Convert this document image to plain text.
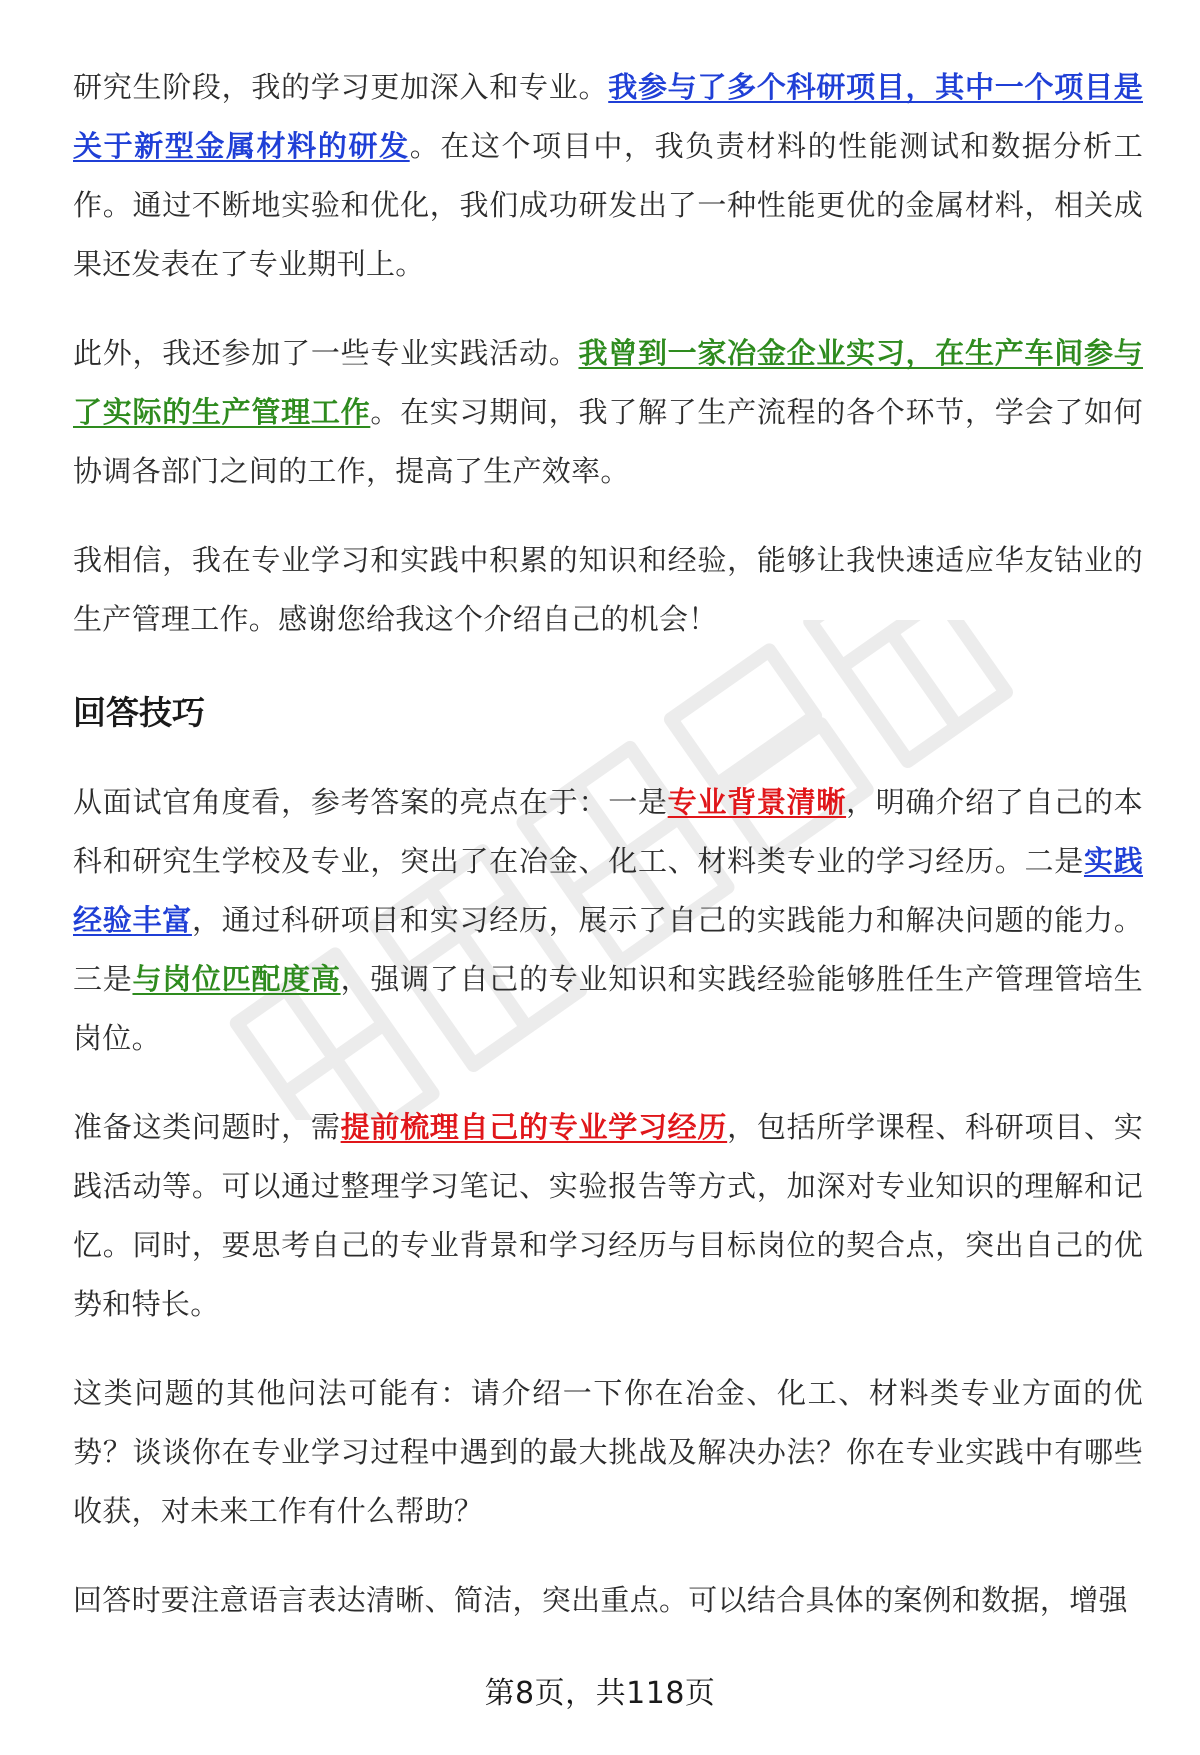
研究生阶段，我的学习更加深入和专业。我参与了多个科研项目，其中一个项目是关于新型金属材料的研发。在这个项目中，我负责材料的性能测试和数据分析工作。通过不断地实验和优化，我们成功研发出了一种性能更优的金属材料，相关成果还发表在了专业期刊上。

此外，我还参加了一些专业实践活动。我曾到一家冶金企业实习，在生产车间参与了实际的生产管理工作。在实习期间，我了解了生产流程的各个环节，学会了如何协调各部门之间的工作，提高了生产效率。

我相信，我在专业学习和实践中积累的知识和经验，能够让我快速适应华友钴业的生产管理工作。感谢您给我这个介绍自己的机会！

回答技巧

从面试官角度看，参考答案的亮点在于：一是专业背景清晰，明确介绍了自己的本科和研究生学校及专业，突出了在冶金、化工、材料类专业的学习经历。二是实践经验丰富，通过科研项目和实习经历，展示了自己的实践能力和解决问题的能力。三是与岗位匹配度高，强调了自己的专业知识和实践经验能够胜任生产管理管培生岗位。

准备这类问题时，需提前梳理自己的专业学习经历，包括所学课程、科研项目、实践活动等。可以通过整理学习笔记、实验报告等方式，加深对专业知识的理解和记忆。同时，要思考自己的专业背景和学习经历与目标岗位的契合点，突出自己的优势和特长。

这类问题的其他问法可能有：请介绍一下你在冶金、化工、材料类专业方面的优势？谈谈你在专业学习过程中遇到的最大挑战及解决办法？你在专业实践中有哪些收获，对未来工作有什么帮助？

回答时要注意语言表达清晰、简洁，突出重点。可以结合具体的案例和数据，增强

第8页，共118页
